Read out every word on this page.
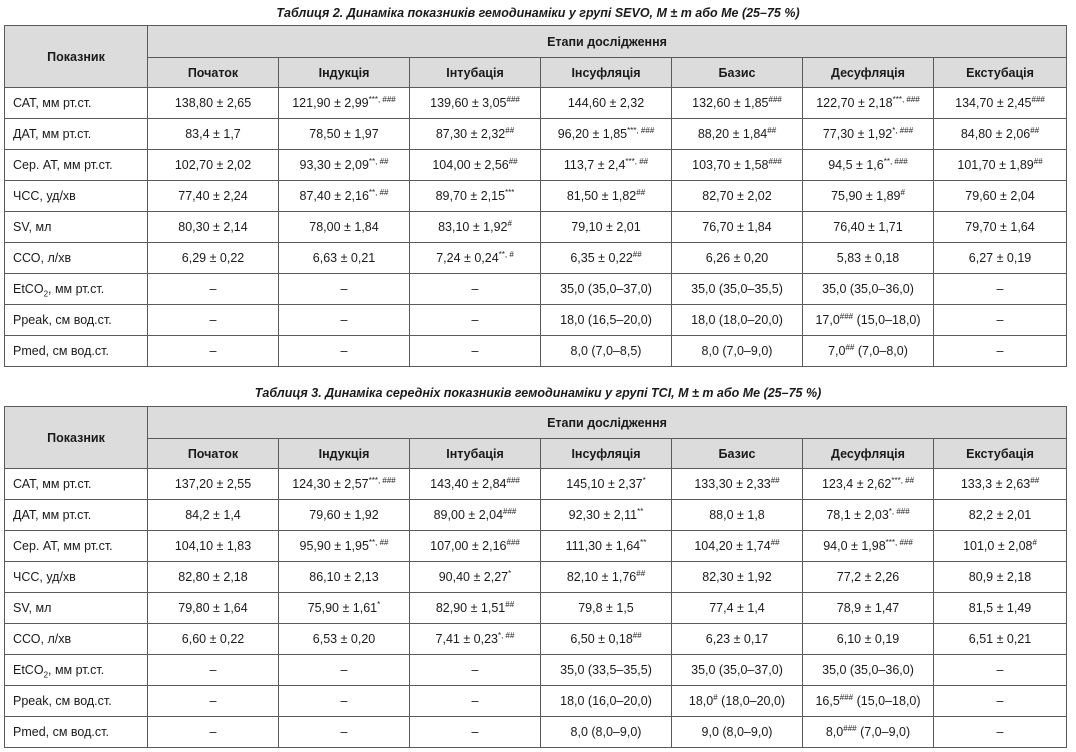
Таблиця 2. Динаміка показників гемодинаміки у групі SEVO, M ± m або Me (25–75 %)
Показник	Етапи дослідження						
	Початок	Індукція	Інтубація	Інсуфляція	Базис	Десуфляція	Екстубація
САТ, мм рт.ст.	138,80 ± 2,65	121,90 ± 2,99***, ###	139,60 ± 3,05###	144,60 ± 2,32	132,60 ± 1,85###	122,70 ± 2,18***, ###	134,70 ± 2,45###
ДАТ, мм рт.ст.	83,4 ± 1,7	78,50 ± 1,97	87,30 ± 2,32##	96,20 ± 1,85***, ###	88,20 ± 1,84##	77,30 ± 1,92*, ###	84,80 ± 2,06##
Сер. АТ, мм рт.ст.	102,70 ± 2,02	93,30 ± 2,09**, ##	104,00 ± 2,56##	113,7 ± 2,4***, ##	103,70 ± 1,58###	94,5 ± 1,6**, ###	101,70 ± 1,89##
ЧСС, уд/хв	77,40 ± 2,24	87,40 ± 2,16**, ##	89,70 ± 2,15***	81,50 ± 1,82##	82,70 ± 2,02	75,90 ± 1,89#	79,60 ± 2,04
SV, мл	80,30 ± 2,14	78,00 ± 1,84	83,10 ± 1,92#	79,10 ± 2,01	76,70 ± 1,84	76,40 ± 1,71	79,70 ± 1,64
ССО, л/хв	6,29 ± 0,22	6,63 ± 0,21	7,24 ± 0,24**, #	6,35 ± 0,22##	6,26 ± 0,20	5,83 ± 0,18	6,27 ± 0,19
EtCO$_2$, мм рт.ст.	–	–	–	35,0 (35,0–37,0)	35,0 (35,0–35,5)	35,0 (35,0–36,0)	–
Ppeak, см вод.ст.	–	–	–	18,0 (16,5–20,0)	18,0 (18,0–20,0)	17,0### (15,0–18,0)	–
Pmed, см вод.ст.	–	–	–	8,0 (7,0–8,5)	8,0 (7,0–9,0)	7,0## (7,0–8,0)	–
Таблиця 3. Динаміка середніх показників гемодинаміки у групі TCI, M ± m або Me (25–75 %)
Показник	Етапи дослідження						
	Початок	Індукція	Інтубація	Інсуфляція	Базис	Десуфляція	Екстубація
САТ, мм рт.ст.	137,20 ± 2,55	124,30 ± 2,57***, ###	143,40 ± 2,84###	145,10 ± 2,37*	133,30 ± 2,33##	123,4 ± 2,62***, ##	133,3 ± 2,63##
ДАТ, мм рт.ст.	84,2 ± 1,4	79,60 ± 1,92	89,00 ± 2,04###	92,30 ± 2,11**	88,0 ± 1,8	78,1 ± 2,03*, ###	82,2 ± 2,01
Сер. АТ, мм рт.ст.	104,10 ± 1,83	95,90 ± 1,95**, ##	107,00 ± 2,16###	111,30 ± 1,64**	104,20 ± 1,74##	94,0 ± 1,98***, ###	101,0 ± 2,08#
ЧСС, уд/хв	82,80 ± 2,18	86,10 ± 2,13	90,40 ± 2,27*	82,10 ± 1,76##	82,30 ± 1,92	77,2 ± 2,26	80,9 ± 2,18
SV, мл	79,80 ± 1,64	75,90 ± 1,61*	82,90 ± 1,51##	79,8 ± 1,5	77,4 ± 1,4	78,9 ± 1,47	81,5 ± 1,49
ССО, л/хв	6,60 ± 0,22	6,53 ± 0,20	7,41 ± 0,23*, ##	6,50 ± 0,18##	6,23 ± 0,17	6,10 ± 0,19	6,51 ± 0,21
EtCO$_2$, мм рт.ст.	–	–	–	35,0 (33,5–35,5)	35,0 (35,0–37,0)	35,0 (35,0–36,0)	–
Ppeak, см вод.ст.	–	–	–	18,0 (16,0–20,0)	18,0# (18,0–20,0)	16,5### (15,0–18,0)	–
Pmed, см вод.ст.	–	–	–	8,0 (8,0–9,0)	9,0 (8,0–9,0)	8,0### (7,0–9,0)	–
